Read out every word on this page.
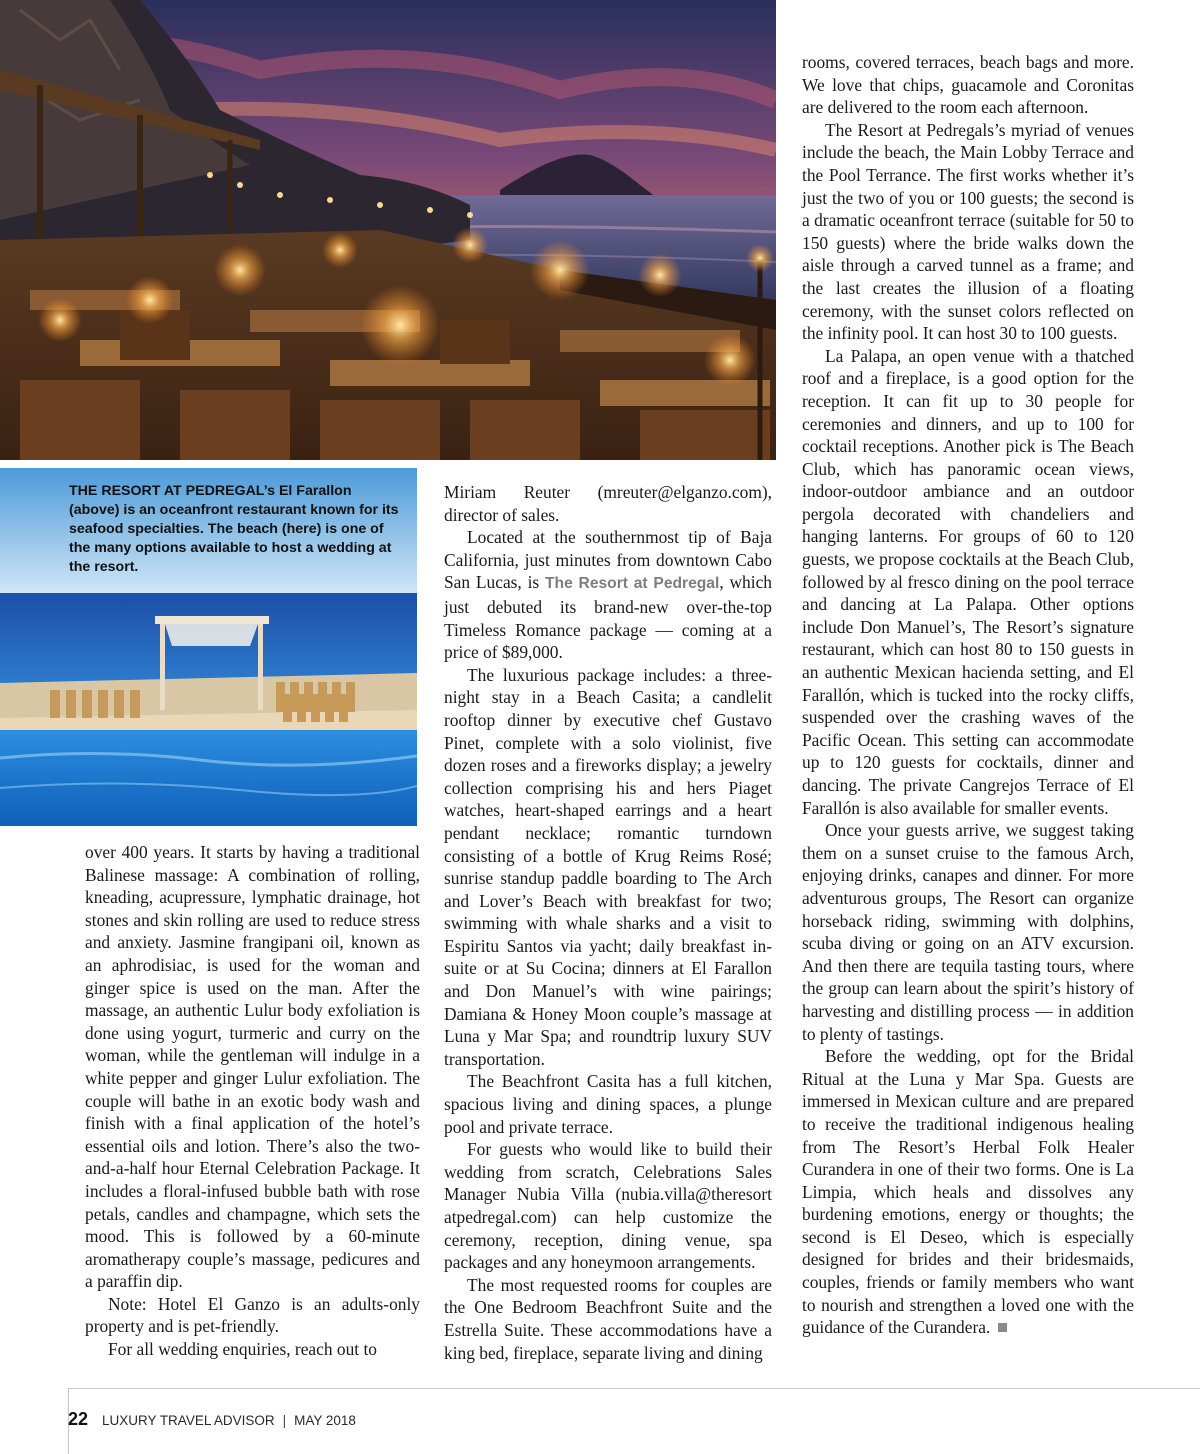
THE RESORT AT PEDREGAL’s El Farallon (above) is an oceanfront restaurant known for its seafood specialties. The beach (here) is one of the many options available to host a wedding at the resort.

over 400 years. It starts by having a traditional Balinese massage: A combination of rolling, kneading, acupressure, lymphatic drainage, hot stones and skin rolling are used to reduce stress and anxiety. Jasmine frangipani oil, known as an aphrodisiac, is used for the woman and ginger spice is used on the man. After the massage, an authentic Lulur body exfoliation is done using yogurt, turmeric and curry on the woman, while the gentleman will indulge in a white pepper and ginger Lulur exfoliation. The couple will bathe in an exotic body wash and finish with a final application of the hotel’s essential oils and lotion. There’s also the two-and-a-half hour Eternal Celebration Package. It includes a floral-infused bubble bath with rose petals, candles and champagne, which sets the mood. This is followed by a 60-minute aromatherapy couple’s massage, pedicures and a paraffin dip.

Note: Hotel El Ganzo is an adults-only property and is pet-friendly.

For all wedding enquiries, reach out to

Miriam Reuter (mreuter@elganzo.com), director of sales.

Located at the southernmost tip of Baja California, just minutes from downtown Cabo San Lucas, is The Resort at Pedregal, which just debuted its brand-new over-the-top Timeless Romance package — coming at a price of $89,000.

The luxurious package includes: a three-night stay in a Beach Casita; a candlelit rooftop dinner by executive chef Gustavo Pinet, complete with a solo violinist, five dozen roses and a fireworks display; a jewelry collection comprising his and hers Piaget watches, heart-shaped earrings and a heart pendant necklace; romantic turndown consisting of a bottle of Krug Reims Rosé; sunrise standup paddle boarding to The Arch and Lover’s Beach with breakfast for two; swimming with whale sharks and a visit to Espiritu Santos via yacht; daily breakfast in-suite or at Su Cocina; dinners at El Farallon and Don Manuel’s with wine pairings; Damiana & Honey Moon couple’s massage at Luna y Mar Spa; and roundtrip luxury SUV transportation.

The Beachfront Casita has a full kitchen, spacious living and dining spaces, a plunge pool and private terrace.

For guests who would like to build their wedding from scratch, Celebrations Sales Manager Nubia Villa (nubia.villa@theresort atpedregal.com) can help customize the ceremony, reception, dining venue, spa packages and any honeymoon arrangements.

The most requested rooms for couples are the One Bedroom Beachfront Suite and the Estrella Suite. These accommodations have a king bed, fireplace, separate living and dining

rooms, covered terraces, beach bags and more. We love that chips, guacamole and Coronitas are delivered to the room each afternoon.

The Resort at Pedregals’s myriad of venues include the beach, the Main Lobby Terrace and the Pool Terrance. The first works whether it’s just the two of you or 100 guests; the second is a dramatic oceanfront terrace (suitable for 50 to 150 guests) where the bride walks down the aisle through a carved tunnel as a frame; and the last creates the illusion of a floating ceremony, with the sunset colors reflected on the infinity pool. It can host 30 to 100 guests.

La Palapa, an open venue with a thatched roof and a fireplace, is a good option for the reception. It can fit up to 30 people for ceremonies and dinners, and up to 100 for cocktail receptions. Another pick is The Beach Club, which has panoramic ocean views, indoor-outdoor ambiance and an outdoor pergola decorated with chandeliers and hanging lanterns. For groups of 60 to 120 guests, we propose cocktails at the Beach Club, followed by al fresco dining on the pool terrace and dancing at La Palapa. Other options include Don Manuel’s, The Resort’s signature restaurant, which can host 80 to 150 guests in an authentic Mexican hacienda setting, and El Farallón, which is tucked into the rocky cliffs, suspended over the crashing waves of the Pacific Ocean. This setting can accommodate up to 120 guests for cocktails, dinner and dancing. The private Cangrejos Terrace of El Farallón is also available for smaller events.

Once your guests arrive, we suggest taking them on a sunset cruise to the famous Arch, enjoying drinks, canapes and dinner. For more adventurous groups, The Resort can organize horseback riding, swimming with dolphins, scuba diving or going on an ATV excursion. And then there are tequila tasting tours, where the group can learn about the spirit’s history of harvesting and distilling process — in addition to plenty of tastings.

Before the wedding, opt for the Bridal Ritual at the Luna y Mar Spa. Guests are immersed in Mexican culture and are prepared to receive the traditional indigenous healing from The Resort’s Herbal Folk Healer Curandera in one of their two forms. One is La Limpia, which heals and dissolves any burdening emotions, energy or thoughts; the second is El Deseo, which is especially designed for brides and their bridesmaids, couples, friends or family members who want to nourish and strengthen a loved one with the guidance of the Curandera.

22 LUXURY TRAVEL ADVISOR | MAY 2018
